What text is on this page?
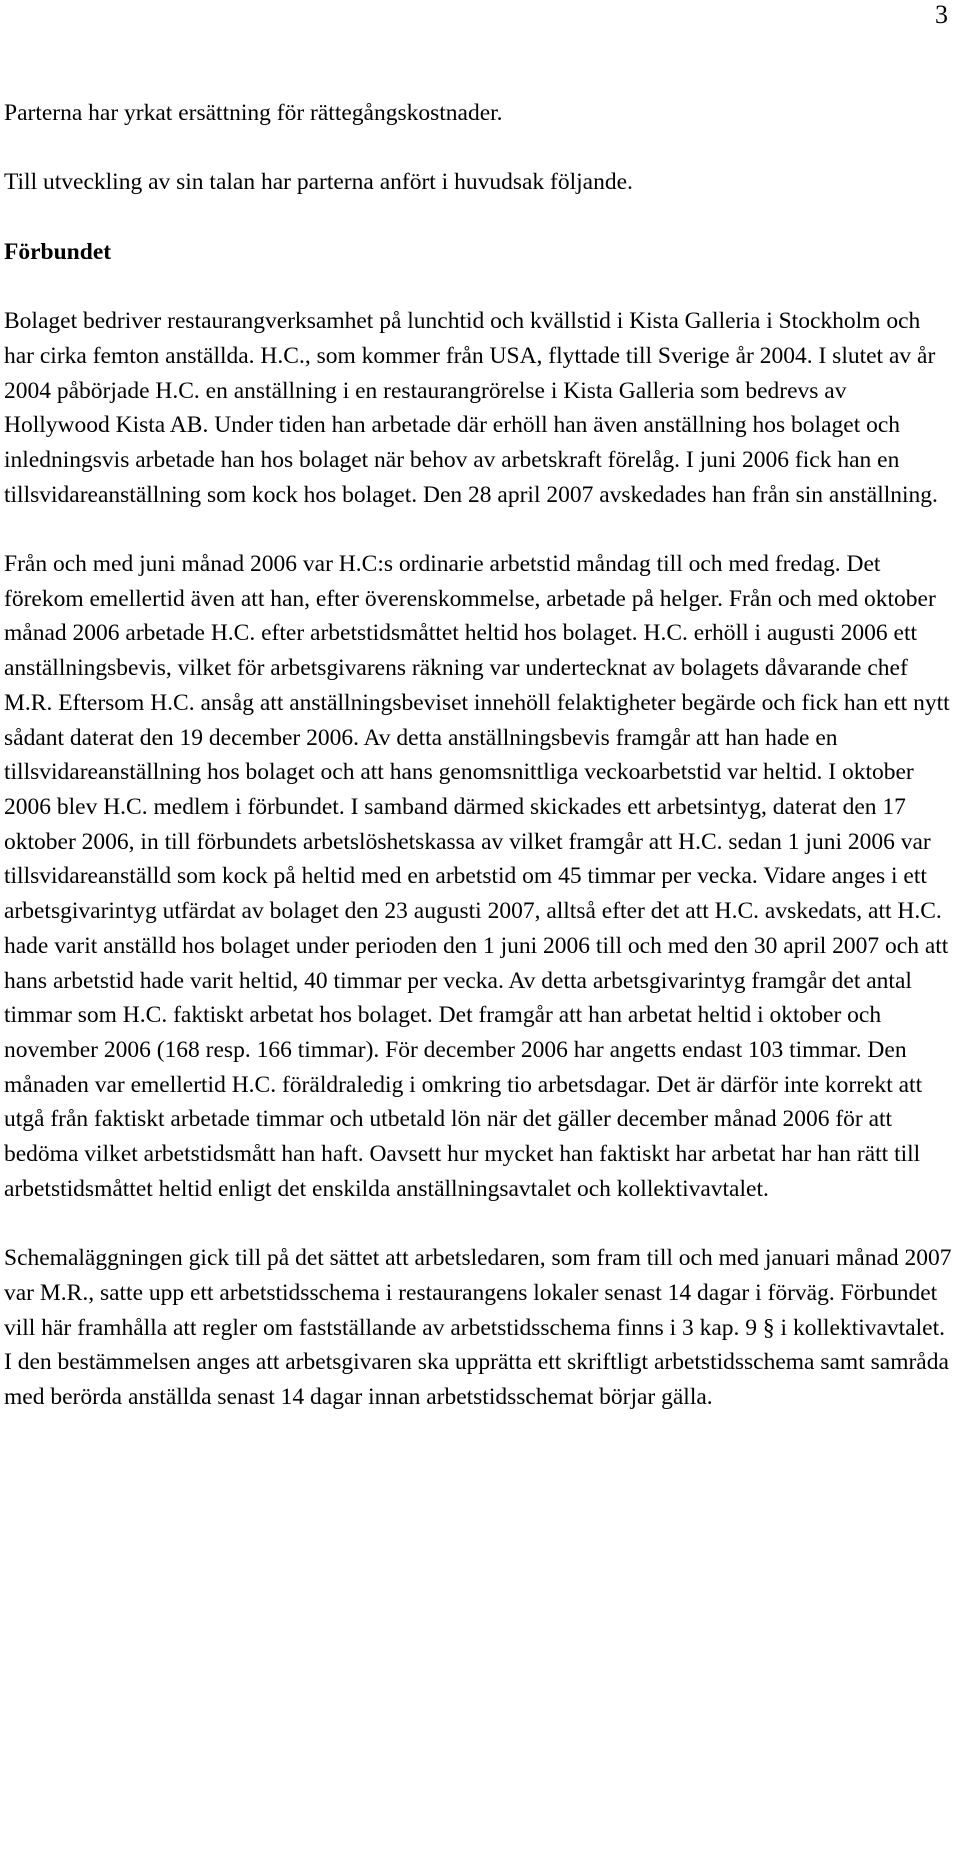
3

Parterna har yrkat ersättning för rättegångskostnader.

Till utveckling av sin talan har parterna anfört i huvudsak följande.

Förbundet

Bolaget bedriver restaurangverksamhet på lunchtid och kvällstid i Kista Galleria i Stockholm och har cirka femton anställda. H.C., som kommer från USA, flyttade till Sverige år 2004. I slutet av år 2004 påbörjade H.C. en anställning i en restaurangrörelse i Kista Galleria som bedrevs av Hollywood Kista AB. Under tiden han arbetade där erhöll han även anställning hos bolaget och inledningsvis arbetade han hos bolaget när behov av arbetskraft förelåg. I juni 2006 fick han en tillsvidareanställning som kock hos bolaget. Den 28 april 2007 avskedades han från sin anställning.

Från och med juni månad 2006 var H.C:s ordinarie arbetstid måndag till och med fredag. Det förekom emellertid även att han, efter överenskommelse, arbetade på helger. Från och med oktober månad 2006 arbetade H.C. efter arbetstidsmåttet heltid hos bolaget. H.C. erhöll i augusti 2006 ett anställningsbevis, vilket för arbetsgivarens räkning var undertecknat av bolagets dåvarande chef M.R. Eftersom H.C. ansåg att anställningsbeviset innehöll felaktigheter begärde och fick han ett nytt sådant daterat den 19 december 2006. Av detta anställningsbevis framgår att han hade en tillsvidareanställning hos bolaget och att hans genomsnittliga veckoarbetstid var heltid. I oktober 2006 blev H.C. medlem i förbundet. I samband därmed skickades ett arbetsintyg, daterat den 17 oktober 2006, in till förbundets arbetslöshetskassa av vilket framgår att H.C. sedan 1 juni 2006 var tillsvidareanställd som kock på heltid med en arbetstid om 45 timmar per vecka. Vidare anges i ett arbetsgivarintyg utfärdat av bolaget den 23 augusti 2007, alltså efter det att H.C. avskedats, att H.C. hade varit anställd hos bolaget under perioden den 1 juni 2006 till och med den 30 april 2007 och att hans arbetstid hade varit heltid, 40 timmar per vecka. Av detta arbetsgivarintyg framgår det antal timmar som H.C. faktiskt arbetat hos bolaget. Det framgår att han arbetat heltid i oktober och november 2006 (168 resp. 166 timmar). För december 2006 har angetts endast 103 timmar. Den månaden var emellertid H.C. föräldraledig i omkring tio arbetsdagar. Det är därför inte korrekt att utgå från faktiskt arbetade timmar och utbetald lön när det gäller december månad 2006 för att bedöma vilket arbetstidsmått han haft. Oavsett hur mycket han faktiskt har arbetat har han rätt till arbetstidsmåttet heltid enligt det enskilda anställningsavtalet och kollektivavtalet.

Schemaläggningen gick till på det sättet att arbetsledaren, som fram till och med januari månad 2007 var M.R., satte upp ett arbetstidsschema i restaurangens lokaler senast 14 dagar i förväg. Förbundet vill här framhålla att regler om fastställande av arbetstidsschema finns i 3 kap. 9 § i kollektivavtalet. I den bestämmelsen anges att arbetsgivaren ska upprätta ett skriftligt arbetstidsschema samt samråda med berörda anställda senast 14 dagar innan arbetstidsschemat börjar gälla.
